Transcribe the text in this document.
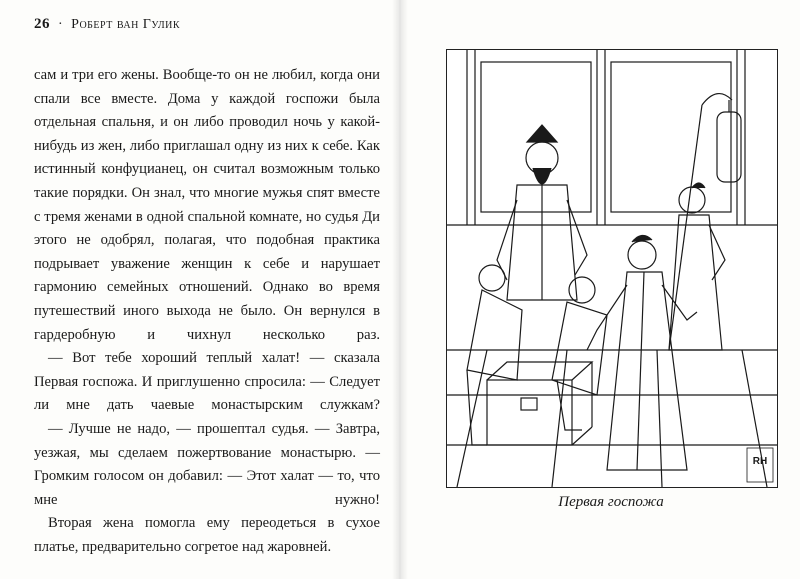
26 · Роберт ван Гулик

сам и три его жены. Вообще-то он не любил, когда они спали все вместе. Дома у каждой госпожи была отдельная спальня, и он либо проводил ночь у какой-нибудь из жен, либо приглашал одну из них к себе. Как истинный конфуцианец, он считал возможным только такие порядки. Он знал, что многие мужья спят вместе с тремя женами в одной спальной комнате, но судья Ди этого не одобрял, полагая, что подобная практика подрывает уважение женщин к себе и нарушает гармонию семейных отношений. Однако во время путешествий иного выхода не было. Он вернулся в гардеробную и чихнул несколько раз.

— Вот тебе хороший теплый халат! — сказала Первая госпожа. И приглушенно спросила: — Следует ли мне дать чаевые монастырским служкам?

— Лучше не надо, — прошептал судья. — Завтра, уезжая, мы сделаем пожертвование монастырю. — Громким голосом он добавил: — Этот халат — то, что мне нужно!

Вторая жена помогла ему переодеться в сухое платье, предварительно согретое над жаровней.

RH
Первая госпожа
